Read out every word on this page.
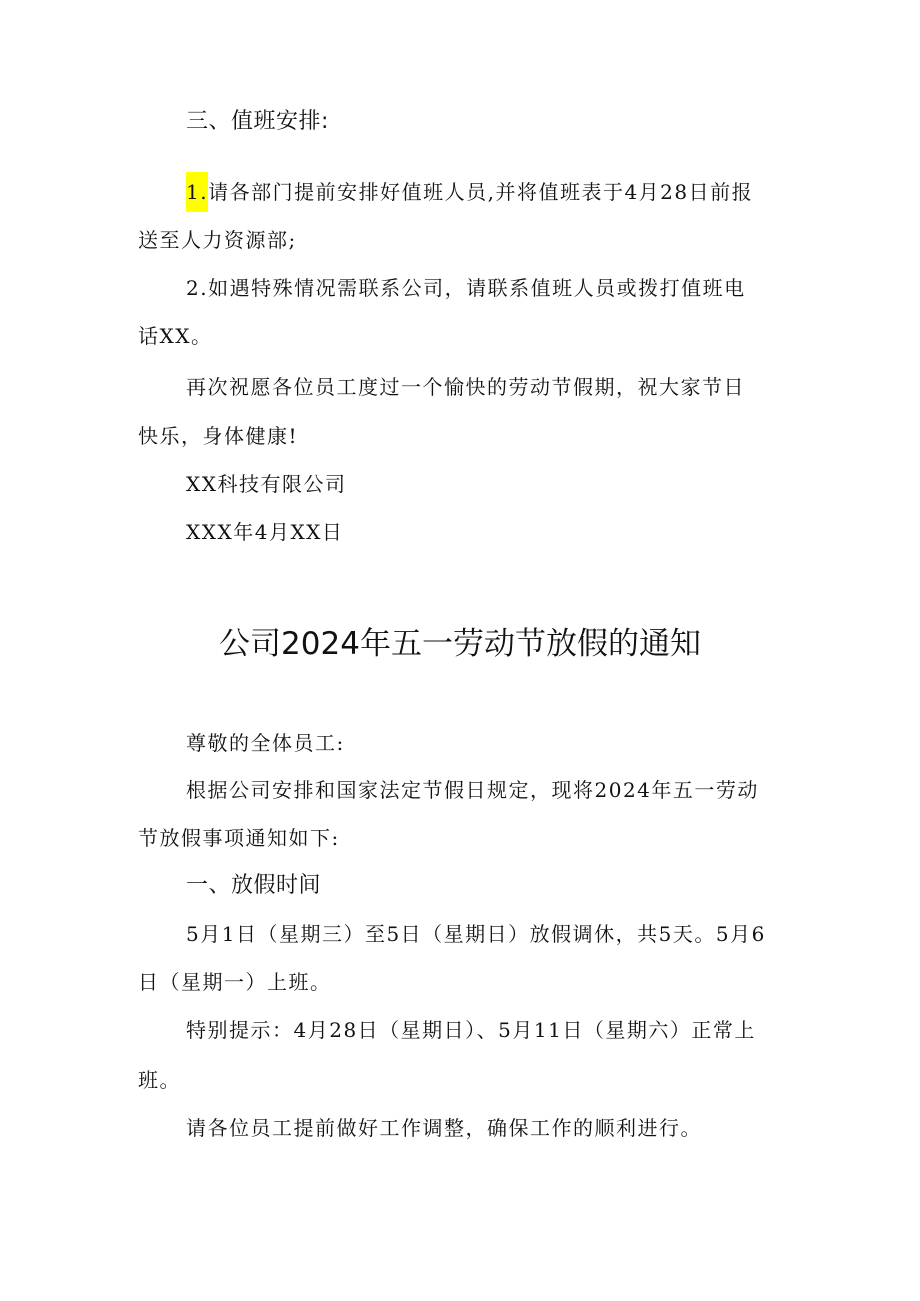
三、值班安排:
1.请各部门提前安排好值班人员,并将值班表于4月28日前报
送至人力资源部;
2.如遇特殊情况需联系公司，请联系值班人员或拨打值班电
话XX。
再次祝愿各位员工度过一个愉快的劳动节假期，祝大家节日
快乐，身体健康!
XX科技有限公司
XXX年4月XX日
公司2024年五一劳动节放假的通知
尊敬的全体员工:
根据公司安排和国家法定节假日规定，现将2024年五一劳动
节放假事项通知如下:
一、放假时间
5月1日（星期三）至5日（星期日）放假调休，共5天。5月6
日（星期一）上班。
特别提示：4月28日（星期日）、5月11日（星期六）正常上
班。
请各位员工提前做好工作调整，确保工作的顺利进行。
